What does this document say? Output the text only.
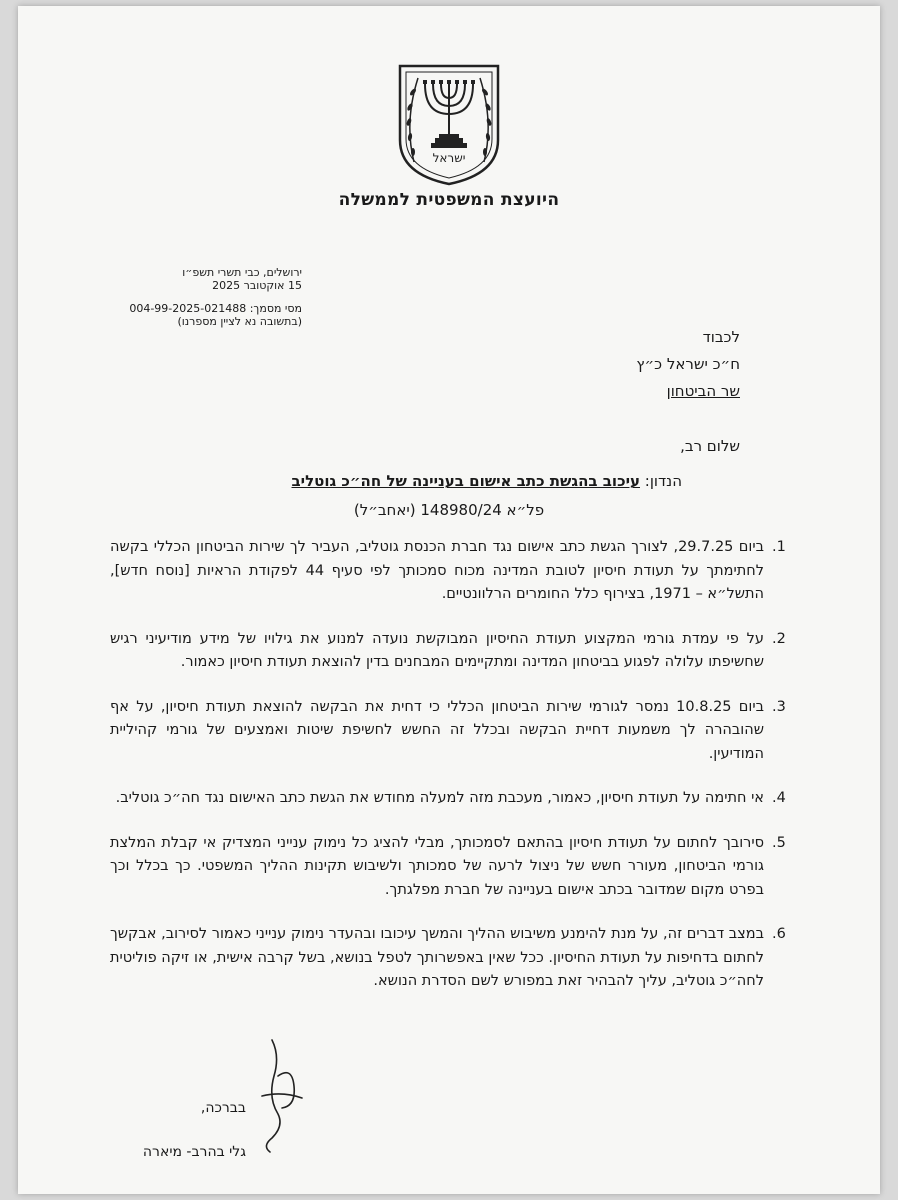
ישראל
היועצת המשפטית לממשלה
ירושלים, כבי תשרי תשפ״ו
15 אוקטובר 2025
מסי מסמך: 004-99-2025-021488
(בתשובה נא לציין מספרנו)
לכבוד
ח״כ ישראל כ״ץ
שר הביטחון
שלום רב,
הנדון: עיכוב בהגשת כתב אישום בעניינה של חה״כ גוטליב
פל״א 148980/24 (יאחב״ל)
1.
ביום 29.7.25, לצורך הגשת כתב אישום נגד חברת הכנסת גוטליב, העביר לך שירות הביטחון הכללי בקשה לחתימתך על תעודת חיסיון לטובת המדינה מכוח סמכותך לפי סעיף 44 לפקודת הראיות [נוסח חדש], התשל״א – 1971, בצירוף כלל החומרים הרלוונטיים.
2.
על פי עמדת גורמי המקצוע תעודת החיסיון המבוקשת נועדה למנוע את גילויו של מידע מודיעיני רגיש שחשיפתו עלולה לפגוע בביטחון המדינה ומתקיימים המבחנים בדין להוצאת תעודת חיסיון כאמור.
3.
ביום 10.8.25 נמסר לגורמי שירות הביטחון הכללי כי דחית את הבקשה להוצאת תעודת חיסיון, על אף שהובהרה לך משמעות דחיית הבקשה ובכלל זה החשש לחשיפת שיטות ואמצעים של גורמי קהיליית המודיעין.
4.
אי חתימה על תעודת חיסיון, כאמור, מעכבת מזה למעלה מחודש את הגשת כתב האישום נגד חה״כ גוטליב.
5.
סירובך לחתום על תעודת חיסיון בהתאם לסמכותך, מבלי להציג כל נימוק ענייני המצדיק אי קבלת המלצת גורמי הביטחון, מעורר חשש של ניצול לרעה של סמכותך ולשיבוש תקינות ההליך המשפטי. כך בכלל וכך בפרט מקום שמדובר בכתב אישום בעניינה של חברת מפלגתך.
6.
במצב דברים זה, על מנת להימנע משיבוש ההליך והמשך עיכובו ובהעדר נימוק ענייני כאמור לסירוב, אבקשך לחתום בדחיפות על תעודת החיסיון. ככל שאין באפשרותך לטפל בנושא, בשל קרבה אישית, או זיקה פוליטית לחה״כ גוטליב, עליך להבהיר זאת במפורש לשם הסדרת הנושא.
בברכה,
גלי בהרב- מיארה
